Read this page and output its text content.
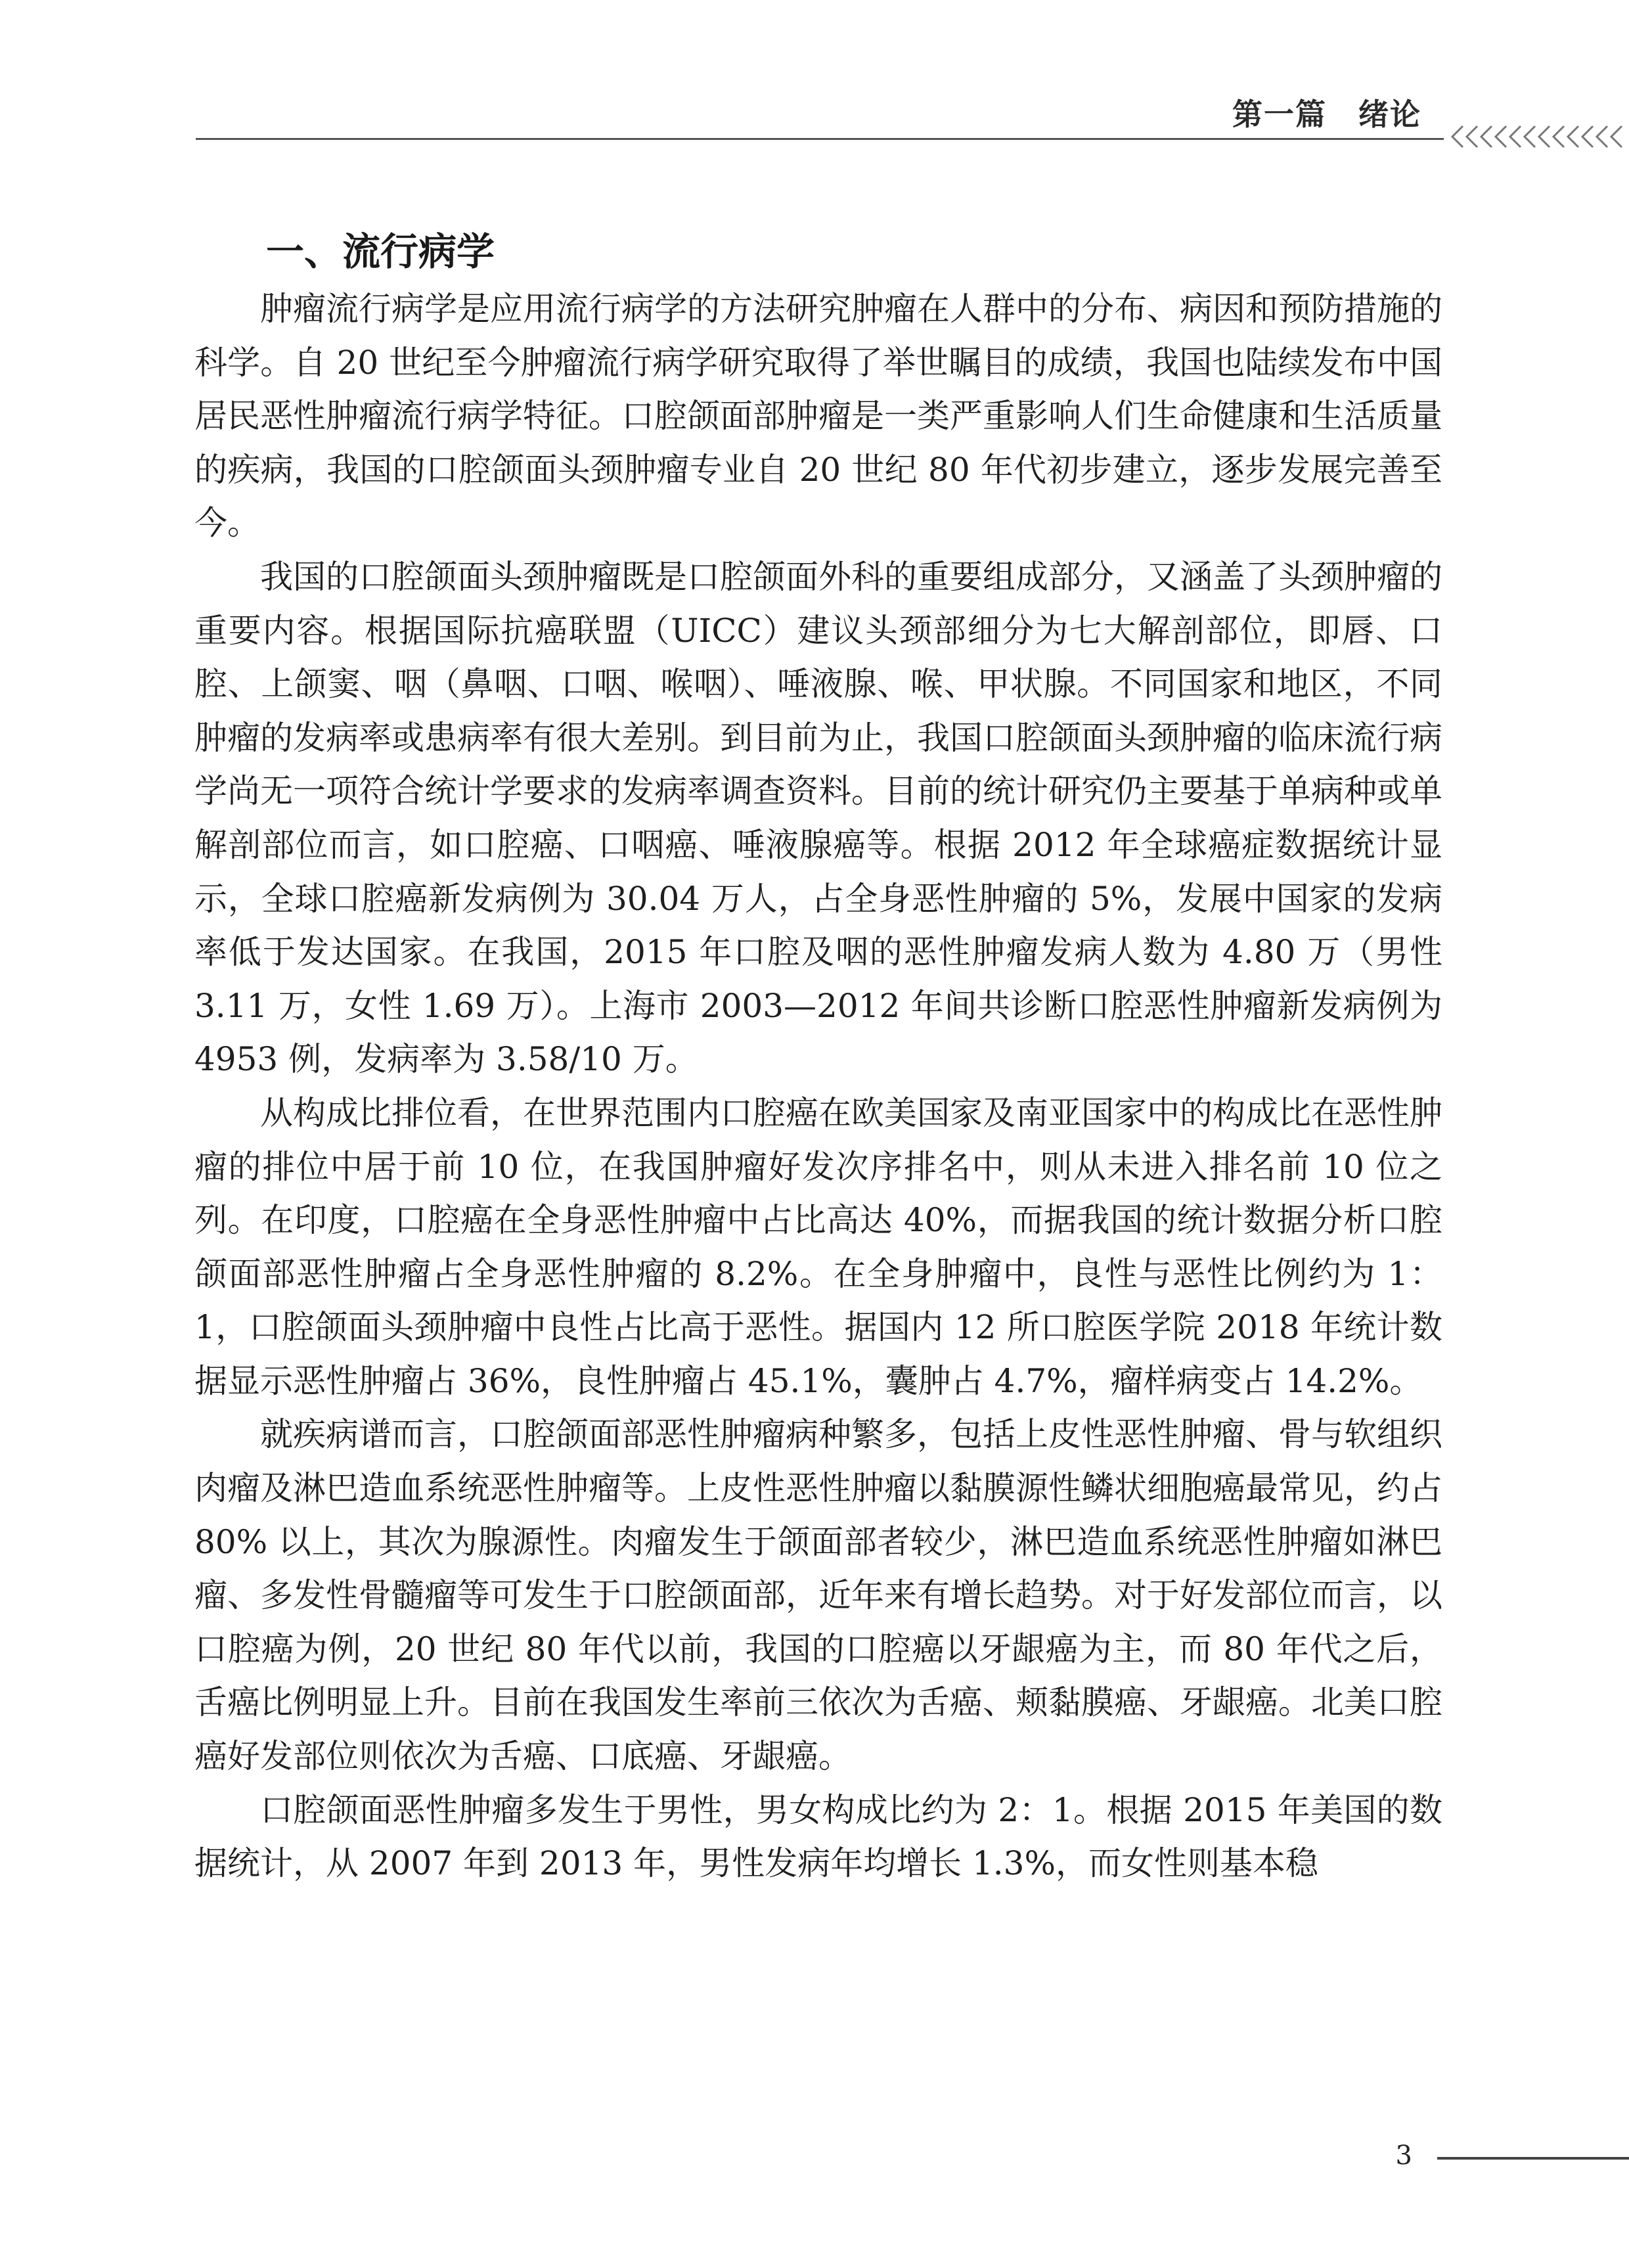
第一篇　绪论
一、流行病学

肿瘤流行病学是应用流行病学的方法研究肿瘤在人群中的分布、病因和预防措施的科学。自 20 世纪至今肿瘤流行病学研究取得了举世瞩目的成绩，我国也陆续发布中国居民恶性肿瘤流行病学特征。口腔颌面部肿瘤是一类严重影响人们生命健康和生活质量的疾病，我国的口腔颌面头颈肿瘤专业自 20 世纪 80 年代初步建立，逐步发展完善至今。

我国的口腔颌面头颈肿瘤既是口腔颌面外科的重要组成部分，又涵盖了头颈肿瘤的重要内容。根据国际抗癌联盟（UICC）建议头颈部细分为七大解剖部位，即唇、口腔、上颌窦、咽（鼻咽、口咽、喉咽）、唾液腺、喉、甲状腺。不同国家和地区，不同肿瘤的发病率或患病率有很大差别。到目前为止，我国口腔颌面头颈肿瘤的临床流行病学尚无一项符合统计学要求的发病率调查资料。目前的统计研究仍主要基于单病种或单解剖部位而言，如口腔癌、口咽癌、唾液腺癌等。根据 2012 年全球癌症数据统计显示，全球口腔癌新发病例为 30.04 万人，占全身恶性肿瘤的 5%，发展中国家的发病率低于发达国家。在我国，2015 年口腔及咽的恶性肿瘤发病人数为 4.80 万（男性 3.11 万，女性 1.69 万）。上海市 2003—2012 年间共诊断口腔恶性肿瘤新发病例为 4953 例，发病率为 3.58/10 万。

从构成比排位看，在世界范围内口腔癌在欧美国家及南亚国家中的构成比在恶性肿瘤的排位中居于前 10 位，在我国肿瘤好发次序排名中，则从未进入排名前 10 位之列。在印度，口腔癌在全身恶性肿瘤中占比高达 40%，而据我国的统计数据分析口腔颌面部恶性肿瘤占全身恶性肿瘤的 8.2%。在全身肿瘤中，良性与恶性比例约为 1：1，口腔颌面头颈肿瘤中良性占比高于恶性。据国内 12 所口腔医学院 2018 年统计数据显示恶性肿瘤占 36%，良性肿瘤占 45.1%，囊肿占 4.7%，瘤样病变占 14.2%。

就疾病谱而言，口腔颌面部恶性肿瘤病种繁多，包括上皮性恶性肿瘤、骨与软组织肉瘤及淋巴造血系统恶性肿瘤等。上皮性恶性肿瘤以黏膜源性鳞状细胞癌最常见，约占 80% 以上，其次为腺源性。肉瘤发生于颌面部者较少，淋巴造血系统恶性肿瘤如淋巴瘤、多发性骨髓瘤等可发生于口腔颌面部，近年来有增长趋势。对于好发部位而言，以口腔癌为例，20 世纪 80 年代以前，我国的口腔癌以牙龈癌为主，而 80 年代之后，舌癌比例明显上升。目前在我国发生率前三依次为舌癌、颊黏膜癌、牙龈癌。北美口腔癌好发部位则依次为舌癌、口底癌、牙龈癌。

口腔颌面恶性肿瘤多发生于男性，男女构成比约为 2：1。根据 2015 年美国的数据统计，从 2007 年到 2013 年，男性发病年均增长 1.3%，而女性则基本稳

3
